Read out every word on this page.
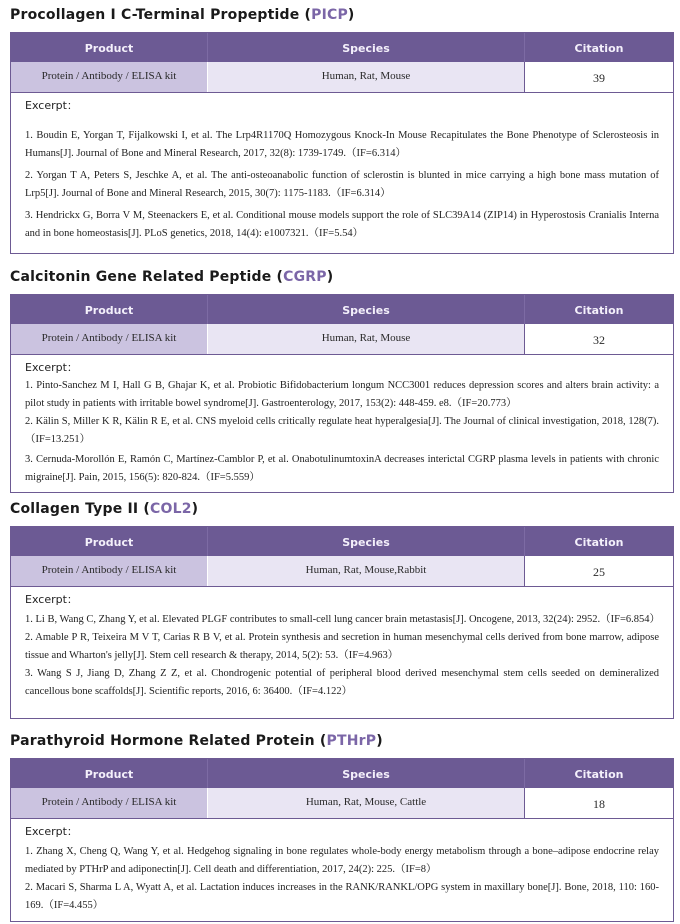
Procollagen I C-Terminal Propeptide (PICP)
Product	Species	Citation
Protein / Antibody / ELISA kit	Human, Rat, Mouse	39
Excerpt：
1. Boudin E, Yorgan T, Fijalkowski I, et al. The Lrp4R1170Q Homozygous Knock‐In Mouse Recapitulates the Bone Phenotype of Sclerosteosis in Humans[J]. Journal of Bone and Mineral Research, 2017, 32(8): 1739-1749.（IF=6.314）
2. Yorgan T A, Peters S, Jeschke A, et al. The anti‐osteoanabolic function of sclerostin is blunted in mice carrying a high bone mass mutation of Lrp5[J]. Journal of Bone and Mineral Research, 2015, 30(7): 1175-1183.（IF=6.314）
3. Hendrickx G, Borra V M, Steenackers E, et al. Conditional mouse models support the role of SLC39A14 (ZIP14) in Hyperostosis Cranialis Interna and in bone homeostasis[J]. PLoS genetics, 2018, 14(4): e1007321.（IF=5.54）
Calcitonin Gene Related Peptide (CGRP)
Product	Species	Citation
Protein / Antibody / ELISA kit	Human, Rat, Mouse	32
Excerpt：
1. Pinto-Sanchez M I, Hall G B, Ghajar K, et al. Probiotic Bifidobacterium longum NCC3001 reduces depression scores and alters brain activity: a pilot study in patients with irritable bowel syndrome[J]. Gastroenterology, 2017, 153(2): 448-459. e8.（IF=20.773）
2. Kälin S, Miller K R, Kälin R E, et al. CNS myeloid cells critically regulate heat hyperalgesia[J]. The Journal of clinical investigation, 2018, 128(7).（IF=13.251）
3. Cernuda-Morollón E, Ramón C, Martínez-Camblor P, et al. OnabotulinumtoxinA decreases interictal CGRP plasma levels in patients with chronic migraine[J]. Pain, 2015, 156(5): 820-824.（IF=5.559）
Collagen Type II (COL2)
Product	Species	Citation
Protein / Antibody / ELISA kit	Human, Rat, Mouse,Rabbit	25
Excerpt：
1. Li B, Wang C, Zhang Y, et al. Elevated PLGF contributes to small-cell lung cancer brain metastasis[J]. Oncogene, 2013, 32(24): 2952.（IF=6.854）
2. Amable P R, Teixeira M V T, Carias R B V, et al. Protein synthesis and secretion in human mesenchymal cells derived from bone marrow, adipose tissue and Wharton's jelly[J]. Stem cell research & therapy, 2014, 5(2): 53.（IF=4.963）
3. Wang S J, Jiang D, Zhang Z Z, et al. Chondrogenic potential of peripheral blood derived mesenchymal stem cells seeded on demineralized cancellous bone scaffolds[J]. Scientific reports, 2016, 6: 36400.（IF=4.122）
Parathyroid Hormone Related Protein (PTHrP)
Product	Species	Citation
Protein / Antibody / ELISA kit	Human, Rat, Mouse, Cattle	18
Excerpt：
1. Zhang X, Cheng Q, Wang Y, et al. Hedgehog signaling in bone regulates whole-body energy metabolism through a bone–adipose endocrine relay mediated by PTHrP and adiponectin[J]. Cell death and differentiation, 2017, 24(2): 225.（IF=8）
2. Macari S, Sharma L A, Wyatt A, et al. Lactation induces increases in the RANK/RANKL/OPG system in maxillary bone[J]. Bone, 2018, 110: 160-169.（IF=4.455）
